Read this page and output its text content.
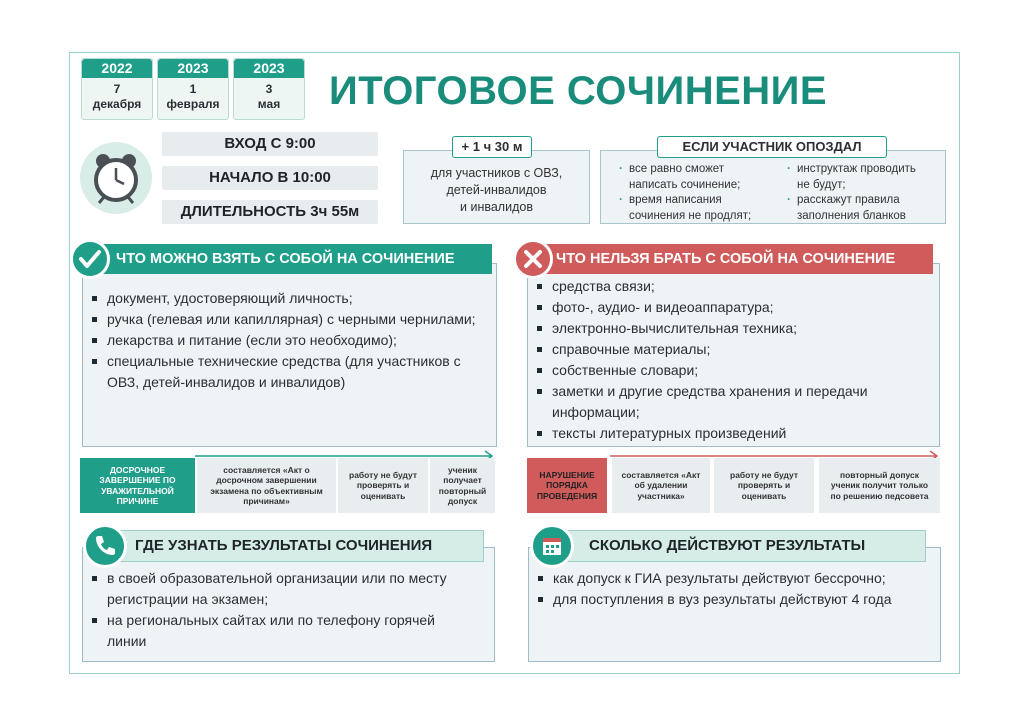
2022
7
декабря
2023
1
февраля
2023
3
мая	ИТОГОВОЕ СОЧИНЕНИЕ
ВХОД С 9:00
НАЧАЛО В 10:00
ДЛИТЕЛЬНОСТЬ 3ч 55м
для участников с ОВЗ,
детей-инвалидов
и инвалидов
+ 1 ч 30 м
· все равно сможет
написать сочинение;
· время написания
сочинения не продлят;
· инструктаж проводить
не будут;
· расскажут правила
заполнения бланков
ЕСЛИ УЧАСТНИК ОПОЗДАЛ
документ, удостоверяющий личность;
ручка (гелевая или капиллярная) с черными чернилами;
лекарства и питание (если это необходимо);
специальные технические средства (для участников с ОВЗ, детей-инвалидов и инвалидов)
ЧТО МОЖНО ВЗЯТЬ С СОБОЙ НА СОЧИНЕНИЕ
средства связи;
фото-, аудио- и видеоаппаратура;
электронно-вычислительная техника;
справочные материалы;
собственные словари;
заметки и другие средства хранения и передачи информации;
тексты литературных произведений
ЧТО НЕЛЬЗЯ БРАТЬ С СОБОЙ НА СОЧИНЕНИЕ
ДОСРОЧНОЕ ЗАВЕРШЕНИЕ ПО УВАЖИТЕЛЬНОЙ ПРИЧИНЕ
составляется «Акт о досрочном завершении экзамена по объективным причинам»
работу не будут проверять и оценивать
ученик получает повторный допуск
НАРУШЕНИЕ ПОРЯДКА ПРОВЕДЕНИЯ
составляется «Акт об удалении участника»
работу не будут проверять и оценивать
повторный допуск ученик получит только по решению педсовета
в своей образовательной организации или по месту регистрации на экзамен;
на региональных сайтах или по телефону горячей линии
ГДЕ УЗНАТЬ РЕЗУЛЬТАТЫ СОЧИНЕНИЯ
как допуск к ГИА результаты действуют бессрочно;
для поступления в вуз результаты действуют 4 года
СКОЛЬКО ДЕЙСТВУЮТ РЕЗУЛЬТАТЫ
